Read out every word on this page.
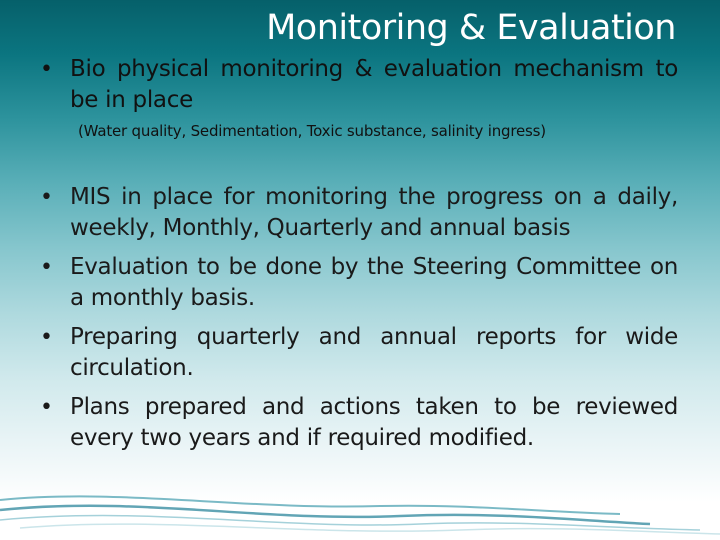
Monitoring & Evaluation
• Bio physical monitoring & evaluation mechanism to be in place
(Water quality, Sedimentation, Toxic substance, salinity ingress)
• MIS in place for monitoring the progress on a daily, weekly, Monthly, Quarterly and annual basis
• Evaluation to be done by the Steering Committee on a monthly basis.
• Preparing quarterly and annual reports for wide circulation.
• Plans prepared and actions taken to be reviewed every two years and if required modified.
